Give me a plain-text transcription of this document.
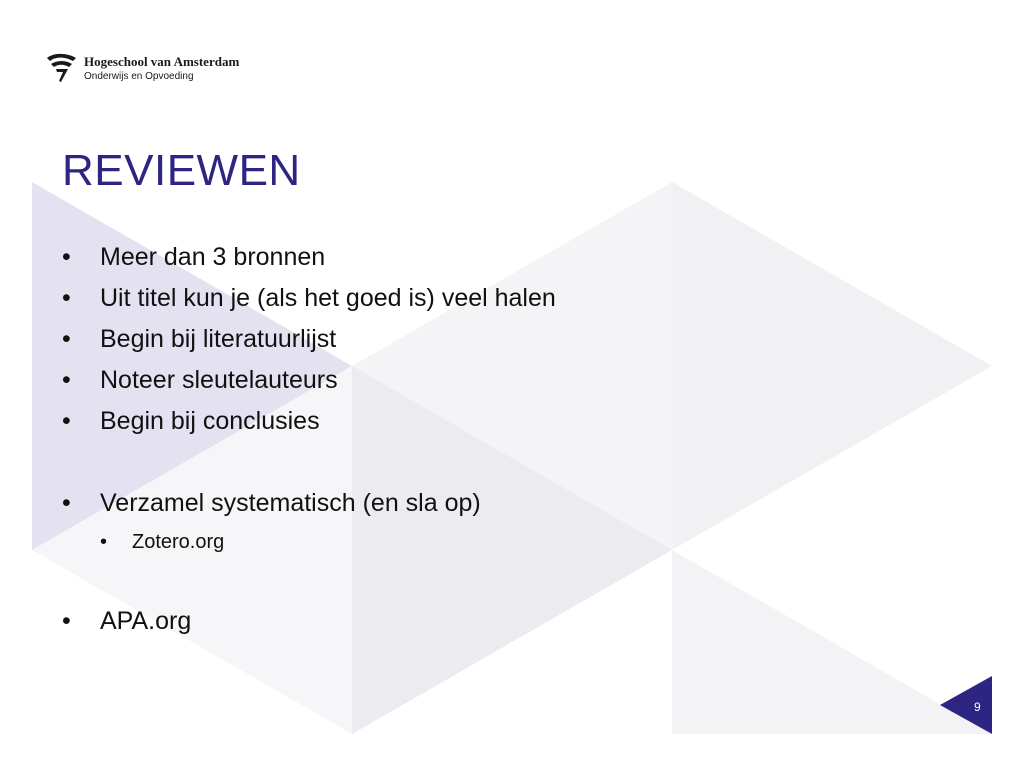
Hogeschool van Amsterdam
Onderwijs en Opvoeding
REVIEWEN
•	Meer dan 3 bronnen
•	Uit titel kun je (als het goed is) veel halen
•	Begin bij literatuurlijst
•	Noteer sleutelauteurs
•	Begin bij conclusies
•	Verzamel systematisch (en sla op)
•	Zotero.org
•	APA.org
9
